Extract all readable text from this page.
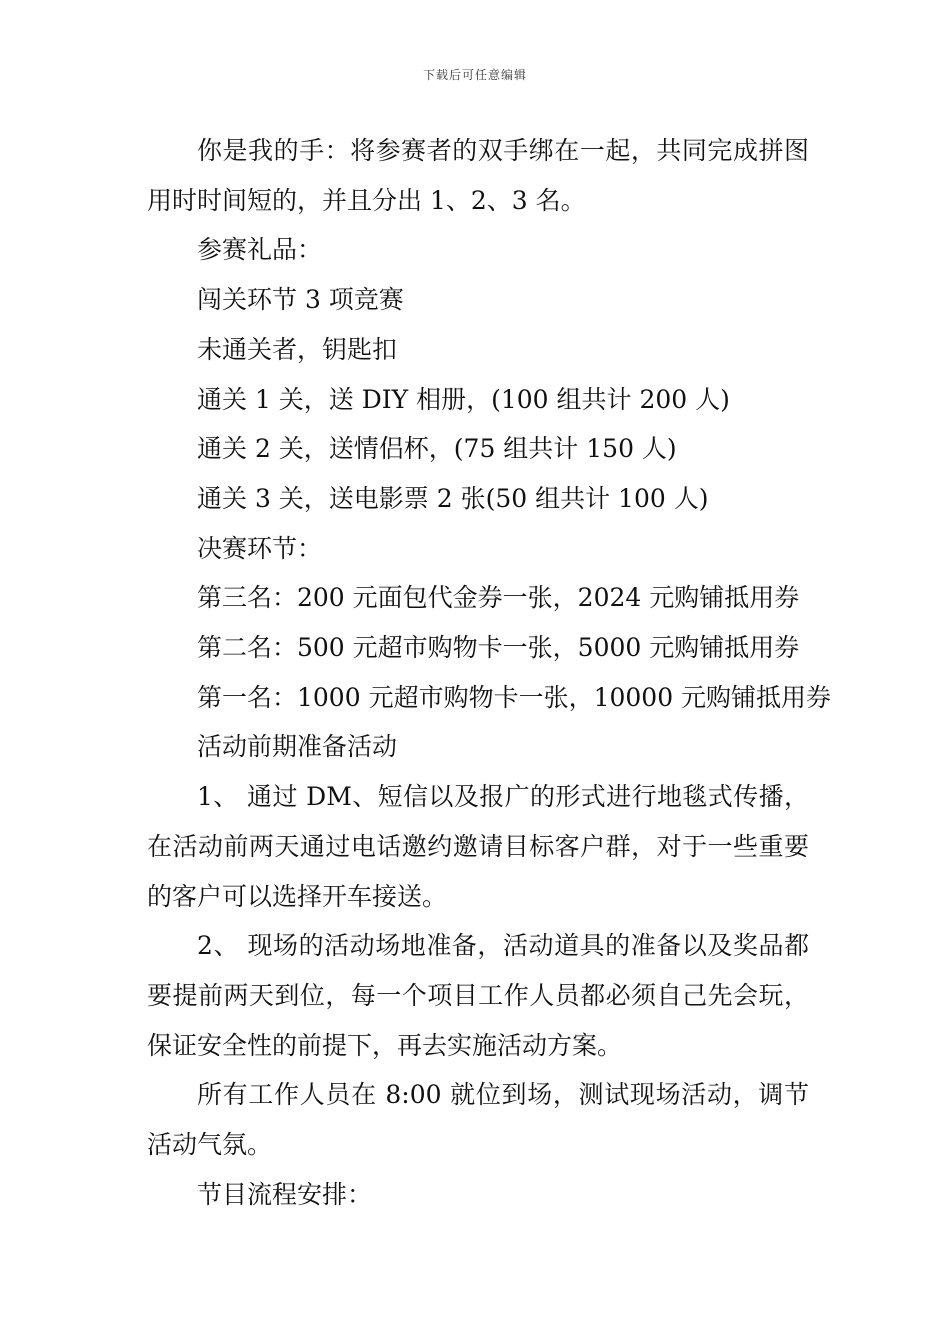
下载后可任意编辑

你是我的手：将参赛者的双手绑在一起，共同完成拼图用时时间短的，并且分出 1、2、3 名。

参赛礼品：

闯关环节 3 项竞赛

未通关者，钥匙扣

通关 1 关，送 DIY 相册，(100 组共计 200 人)

通关 2 关，送情侣杯，(75 组共计 150 人)

通关 3 关，送电影票 2 张(50 组共计 100 人)

决赛环节：

第三名：200 元面包代金券一张，2024 元购铺抵用券

第二名：500 元超市购物卡一张，5000 元购铺抵用券

第一名：1000 元超市购物卡一张，10000 元购铺抵用券

活动前期准备活动

1、 通过 DM、短信以及报广的形式进行地毯式传播，在活动前两天通过电话邀约邀请目标客户群，对于一些重要的客户可以选择开车接送。

2、 现场的活动场地准备，活动道具的准备以及奖品都要提前两天到位，每一个项目工作人员都必须自己先会玩，保证安全性的前提下，再去实施活动方案。

所有工作人员在 8:00 就位到场，测试现场活动，调节活动气氛。

节目流程安排：
